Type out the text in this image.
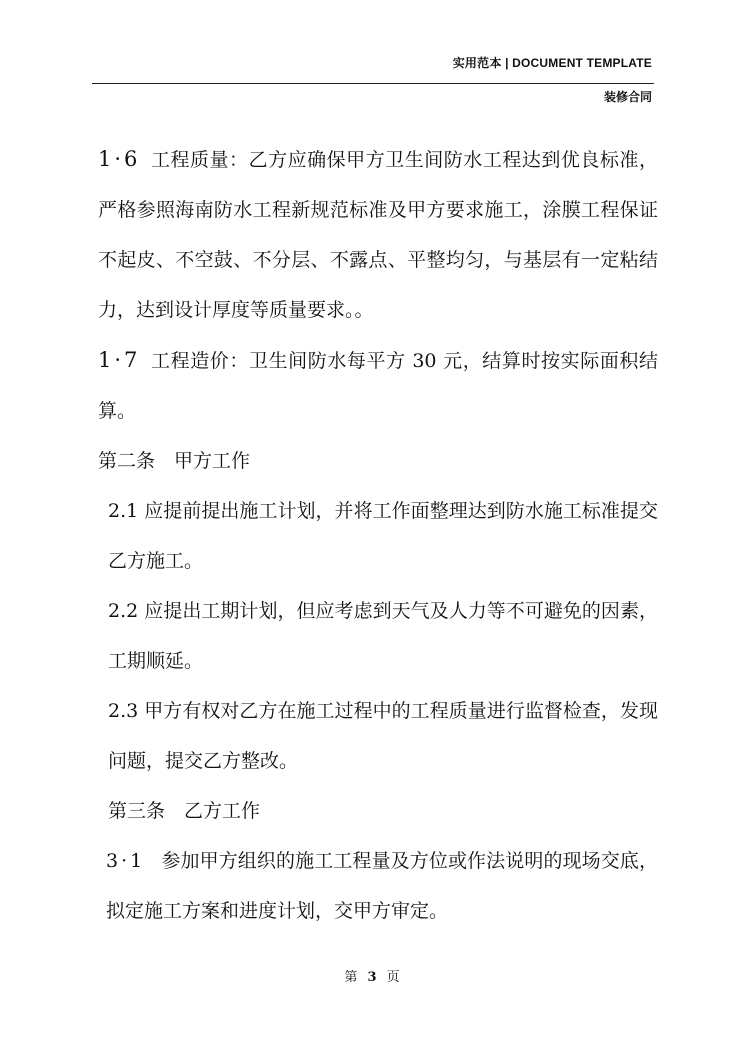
实用范本 | DOCUMENT TEMPLATE
装修合同

1·6 工程质量：乙方应确保甲方卫生间防水工程达到优良标准，严格参照海南防水工程新规范标准及甲方要求施工，涂膜工程保证不起皮、不空鼓、不分层、不露点、平整均匀，与基层有一定粘结力，达到设计厚度等质量要求。。

1·7 工程造价：卫生间防水每平方 30 元，结算时按实际面积结算。

第二条　甲方工作

2.1 应提前提出施工计划，并将工作面整理达到防水施工标准提交乙方施工。

2.2 应提出工期计划，但应考虑到天气及人力等不可避免的因素，工期顺延。

2.3 甲方有权对乙方在施工过程中的工程质量进行监督检查，发现问题，提交乙方整改。

第三条　乙方工作

3·1 参加甲方组织的施工工程量及方位或作法说明的现场交底，拟定施工方案和进度计划，交甲方审定。

第 3 页
